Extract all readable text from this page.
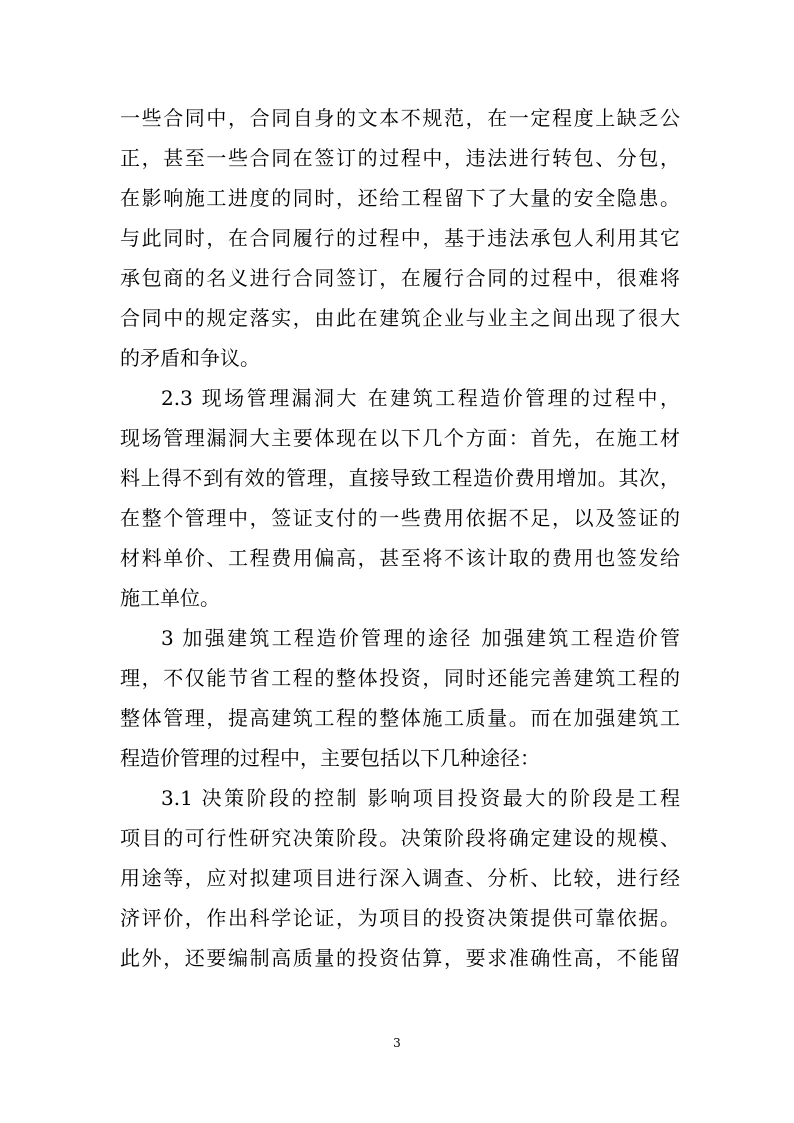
一些合同中，合同自身的文本不规范，在一定程度上缺乏公
正，甚至一些合同在签订的过程中，违法进行转包、分包，
在影响施工进度的同时，还给工程留下了大量的安全隐患。
与此同时，在合同履行的过程中，基于违法承包人利用其它
承包商的名义进行合同签订，在履行合同的过程中，很难将
合同中的规定落实，由此在建筑企业与业主之间出现了很大
的矛盾和争议。
2.3 现场管理漏洞大 在建筑工程造价管理的过程中，
现场管理漏洞大主要体现在以下几个方面：首先，在施工材
料上得不到有效的管理，直接导致工程造价费用增加。其次，
在整个管理中，签证支付的一些费用依据不足，以及签证的
材料单价、工程费用偏高，甚至将不该计取的费用也签发给
施工单位。
3 加强建筑工程造价管理的途径 加强建筑工程造价管
理，不仅能节省工程的整体投资，同时还能完善建筑工程的
整体管理，提高建筑工程的整体施工质量。而在加强建筑工
程造价管理的过程中，主要包括以下几种途径：
3.1 决策阶段的控制 影响项目投资最大的阶段是工程
项目的可行性研究决策阶段。决策阶段将确定建设的规模、
用途等，应对拟建项目进行深入调查、分析、比较，进行经
济评价，作出科学论证，为项目的投资决策提供可靠依据。
此外，还要编制高质量的投资估算，要求准确性高，不能留
3
